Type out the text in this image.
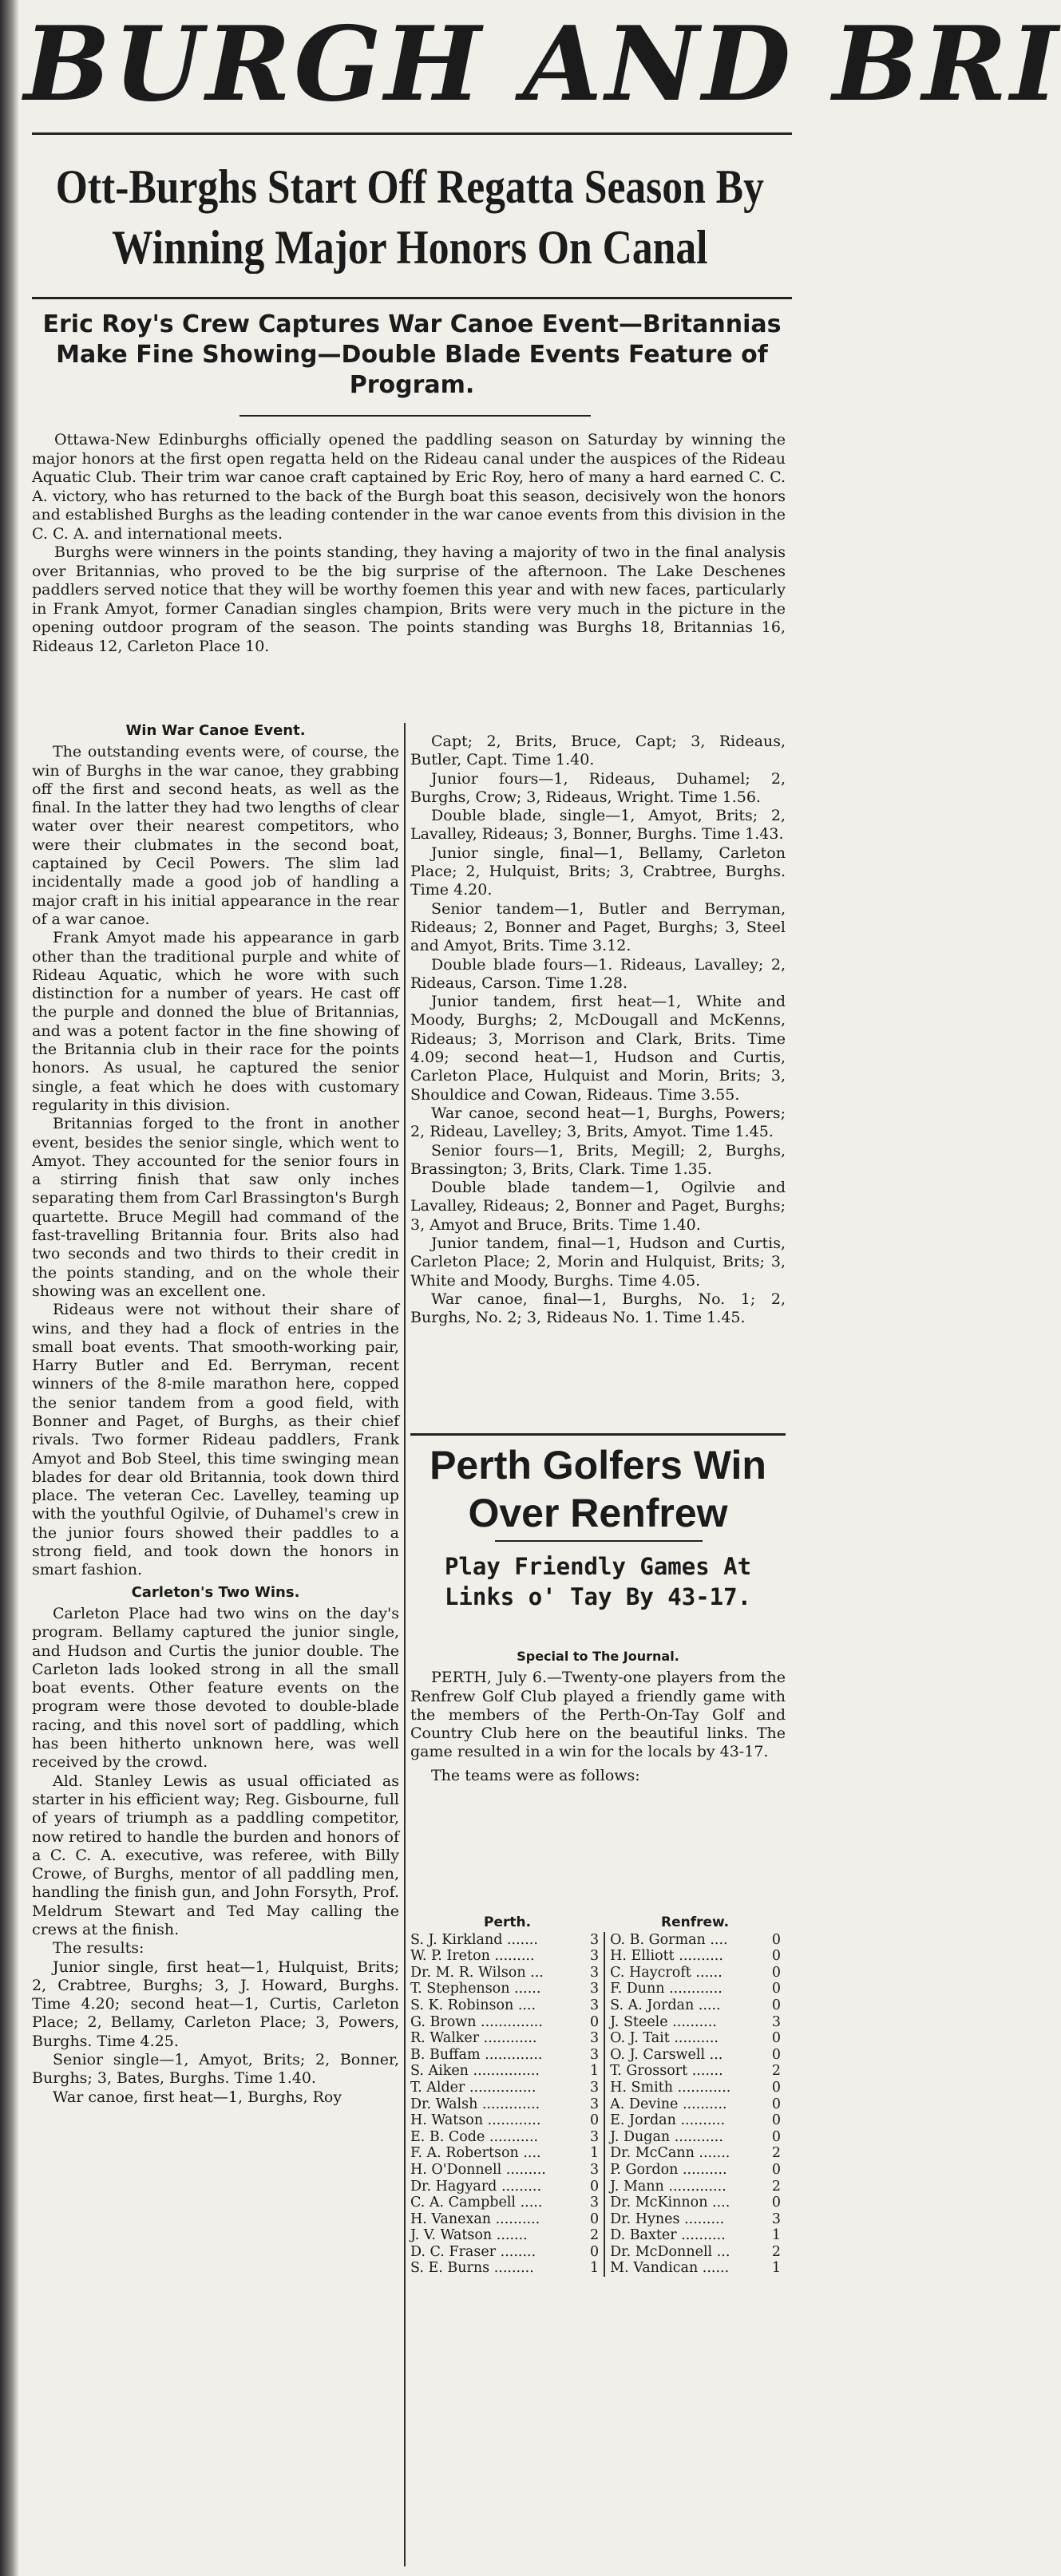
BURGH AND BRI
Ott-Burghs Start Off Regatta Season By Winning Major Honors On Canal
Eric Roy's Crew Captures War Canoe Event—Britannias Make Fine Showing—Double Blade Events Feature of Program.

Ottawa-New Edinburghs officially opened the paddling season on Saturday by winning the major honors at the first open regatta held on the Rideau canal under the auspices of the Rideau Aquatic Club. Their trim war canoe craft captained by Eric Roy, hero of many a hard earned C. C. A. victory, who has returned to the back of the Burgh boat this season, decisively won the honors and established Burghs as the leading contender in the war canoe events from this division in the C. C. A. and international meets.

Burghs were winners in the points standing, they having a majority of two in the final analysis over Britannias, who proved to be the big surprise of the afternoon. The Lake Deschenes paddlers served notice that they will be worthy foemen this year and with new faces, particularly in Frank Amyot, former Canadian singles champion, Brits were very much in the picture in the opening outdoor program of the season. The points standing was Burghs 18, Britannias 16, Rideaus 12, Carleton Place 10.

Win War Canoe Event.

The outstanding events were, of course, the win of Burghs in the war canoe, they grabbing off the first and second heats, as well as the final. In the latter they had two lengths of clear water over their nearest competitors, who were their clubmates in the second boat, captained by Cecil Powers. The slim lad incidentally made a good job of handling a major craft in his initial appearance in the rear of a war canoe.

Frank Amyot made his appearance in garb other than the traditional purple and white of Rideau Aquatic, which he wore with such distinction for a number of years. He cast off the purple and donned the blue of Britannias, and was a potent factor in the fine showing of the Britannia club in their race for the points honors. As usual, he captured the senior single, a feat which he does with customary regularity in this division.

Britannias forged to the front in another event, besides the senior single, which went to Amyot. They accounted for the senior fours in a stirring finish that saw only inches separating them from Carl Brassington's Burgh quartette. Bruce Megill had command of the fast-travelling Britannia four. Brits also had two seconds and two thirds to their credit in the points standing, and on the whole their showing was an excellent one.

Rideaus were not without their share of wins, and they had a flock of entries in the small boat events. That smooth-working pair, Harry Butler and Ed. Berryman, recent winners of the 8-mile marathon here, copped the senior tandem from a good field, with Bonner and Paget, of Burghs, as their chief rivals. Two former Rideau paddlers, Frank Amyot and Bob Steel, this time swinging mean blades for dear old Britannia, took down third place. The veteran Cec. Lavelley, teaming up with the youthful Ogilvie, of Duhamel's crew in the junior fours showed their paddles to a strong field, and took down the honors in smart fashion.

Carleton's Two Wins.

Carleton Place had two wins on the day's program. Bellamy captured the junior single, and Hudson and Curtis the junior double. The Carleton lads looked strong in all the small boat events. Other feature events on the program were those devoted to double-blade racing, and this novel sort of paddling, which has been hitherto unknown here, was well received by the crowd.

Ald. Stanley Lewis as usual officiated as starter in his efficient way; Reg. Gisbourne, full of years of triumph as a paddling competitor, now retired to handle the burden and honors of a C. C. A. executive, was referee, with Billy Crowe, of Burghs, mentor of all paddling men, handling the finish gun, and John Forsyth, Prof. Meldrum Stewart and Ted May calling the crews at the finish.

The results:

Junior single, first heat—1, Hulquist, Brits; 2, Crabtree, Burghs; 3, J. Howard, Burghs. Time 4.20; second heat—1, Curtis, Carleton Place; 2, Bellamy, Carleton Place; 3, Powers, Burghs. Time 4.25.

Senior single—1, Amyot, Brits; 2, Bonner, Burghs; 3, Bates, Burghs. Time 1.40.

War canoe, first heat—1, Burghs, Roy

Capt; 2, Brits, Bruce, Capt; 3, Rideaus, Butler, Capt. Time 1.40.

Junior fours—1, Rideaus, Duhamel; 2, Burghs, Crow; 3, Rideaus, Wright. Time 1.56.

Double blade, single—1, Amyot, Brits; 2, Lavalley, Rideaus; 3, Bonner, Burghs. Time 1.43.

Junior single, final—1, Bellamy, Carleton Place; 2, Hulquist, Brits; 3, Crabtree, Burghs. Time 4.20.

Senior tandem—1, Butler and Berryman, Rideaus; 2, Bonner and Paget, Burghs; 3, Steel and Amyot, Brits. Time 3.12.

Double blade fours—1. Rideaus, Lavalley; 2, Rideaus, Carson. Time 1.28.

Junior tandem, first heat—1, White and Moody, Burghs; 2, McDougall and McKenns, Rideaus; 3, Morrison and Clark, Brits. Time 4.09; second heat—1, Hudson and Curtis, Carleton Place, Hulquist and Morin, Brits; 3, Shouldice and Cowan, Rideaus. Time 3.55.

War canoe, second heat—1, Burghs, Powers; 2, Rideau, Lavelley; 3, Brits, Amyot. Time 1.45.

Senior fours—1, Brits, Megill; 2, Burghs, Brassington; 3, Brits, Clark. Time 1.35.

Double blade tandem—1, Ogilvie and Lavalley, Rideaus; 2, Bonner and Paget, Burghs; 3, Amyot and Bruce, Brits. Time 1.40.

Junior tandem, final—1, Hudson and Curtis, Carleton Place; 2, Morin and Hulquist, Brits; 3, White and Moody, Burghs. Time 4.05.

War canoe, final—1, Burghs, No. 1; 2, Burghs, No. 2; 3, Rideaus No. 1. Time 1.45.

Perth Golfers Win Over Renfrew
Play Friendly Games At Links o' Tay By 43-17.

Special to The Journal.

PERTH, July 6.—Twenty-one players from the Renfrew Golf Club played a friendly game with the members of the Perth-On-Tay Golf and Country Club here on the beautiful links. The game resulted in a win for the locals by 43-17.

The teams were as follows:

Perth.		Renfrew.	
S. J. Kirkland .......	3	O. B. Gorman ....	0
W. P. Ireton .........	3	H. Elliott ..........	0
Dr. M. R. Wilson ...	3	C. Haycroft ......	0
T. Stephenson ......	3	F. Dunn ............	0
S. K. Robinson ....	3	S. A. Jordan .....	0
G. Brown ..............	0	J. Steele ..........	3
R. Walker ............	3	O. J. Tait ..........	0
B. Buffam .............	3	O. J. Carswell ...	0
S. Aiken ...............	1	T. Grossort .......	2
T. Alder ...............	3	H. Smith ............	0
Dr. Walsh .............	3	A. Devine ..........	0
H. Watson ............	0	E. Jordan ..........	0
E. B. Code ...........	3	J. Dugan ...........	0
F. A. Robertson ....	1	Dr. McCann .......	2
H. O'Donnell .........	3	P. Gordon ..........	0
Dr. Hagyard .........	0	J. Mann .............	2
C. A. Campbell .....	3	Dr. McKinnon ....	0
H. Vanexan ..........	0	Dr. Hynes .........	3
J. V. Watson .......	2	D. Baxter ..........	1
D. C. Fraser ........	0	Dr. McDonnell ...	2
S. E. Burns .........	1	M. Vandican ......	1
